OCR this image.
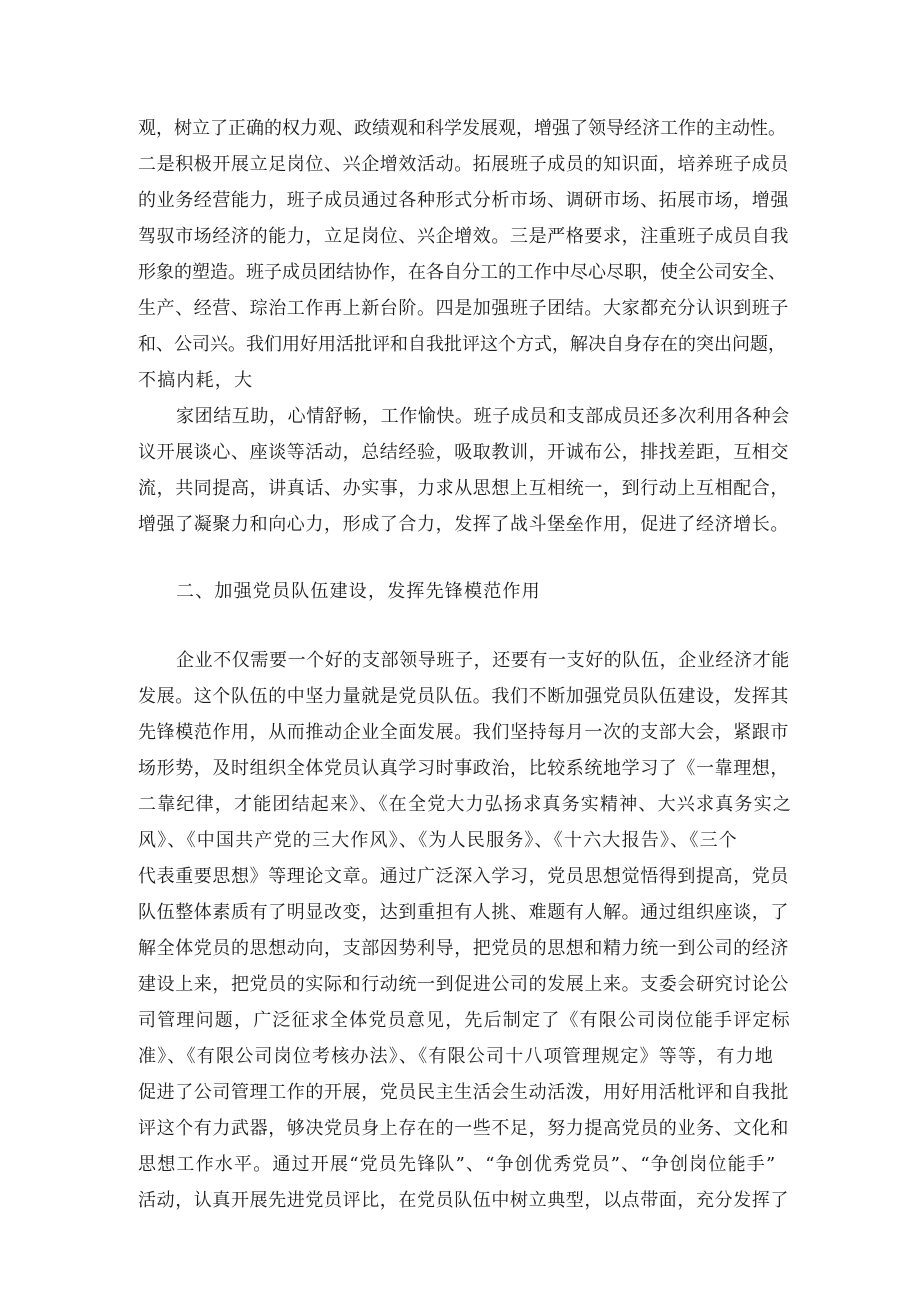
观，树立了正确的权力观、政绩观和科学发展观，增强了领导经济工作的主动性。
二是积极开展立足岗位、兴企增效活动。拓展班子成员的知识面，培养班子成员
的业务经营能力，班子成员通过各种形式分析市场、调研市场、拓展市场，增强
驾驭市场经济的能力，立足岗位、兴企增效。三是严格要求，注重班子成员自我
形象的塑造。班子成员团结协作，在各自分工的工作中尽心尽职，使全公司安全、
生产、经营、琮治工作再上新台阶。四是加强班子团结。大家都充分认识到班子
和、公司兴。我们用好用活批评和自我批评这个方式，解决自身存在的突出问题，
不搞内耗，大
家团结互助，心情舒畅，工作愉快。班子成员和支部成员还多次利用各种会
议开展谈心、座谈等活动，总结经验，吸取教训，开诚布公，排找差距，互相交
流，共同提高，讲真话、办实事，力求从思想上互相统一，到行动上互相配合，
增强了凝聚力和向心力，形成了合力，发挥了战斗堡垒作用，促进了经济增长。
二、加强党员队伍建设，发挥先锋模范作用
企业不仅需要一个好的支部领导班子，还要有一支好的队伍，企业经济才能
发展。这个队伍的中坚力量就是党员队伍。我们不断加强党员队伍建设，发挥其
先锋模范作用，从而推动企业全面发展。我们坚持每月一次的支部大会，紧跟市
场形势，及时组织全体党员认真学习时事政治，比较系统地学习了《一靠理想，
二靠纪律，才能团结起来》、《在全党大力弘扬求真务实精神、大兴求真务实之
风》、《中国共产党的三大作风》、《为人民服务》、《十六大报告》、《三个
代表重要思想》等理论文章。通过广泛深入学习，党员思想觉悟得到提高，党员
队伍整体素质有了明显改变，达到重担有人挑、难题有人解。通过组织座谈，了
解全体党员的思想动向，支部因势利导，把党员的思想和精力统一到公司的经济
建设上来，把党员的实际和行动统一到促进公司的发展上来。支委会研究讨论公
司管理问题，广泛征求全体党员意见，先后制定了《有限公司岗位能手评定标
准》、《有限公司岗位考核办法》、《有限公司十八项管理规定》等等，有力地
促进了公司管理工作的开展，党员民主生活会生动活泼，用好用活枇评和自我批
评这个有力武器，够决党员身上存在的一些不足，努力提高党员的业务、文化和
思想工作水平。通过开展“党员先锋队”、“争创优秀党员”、“争创岗位能手”
活动，认真开展先进党员评比，在党员队伍中树立典型，以点带面，充分发挥了
